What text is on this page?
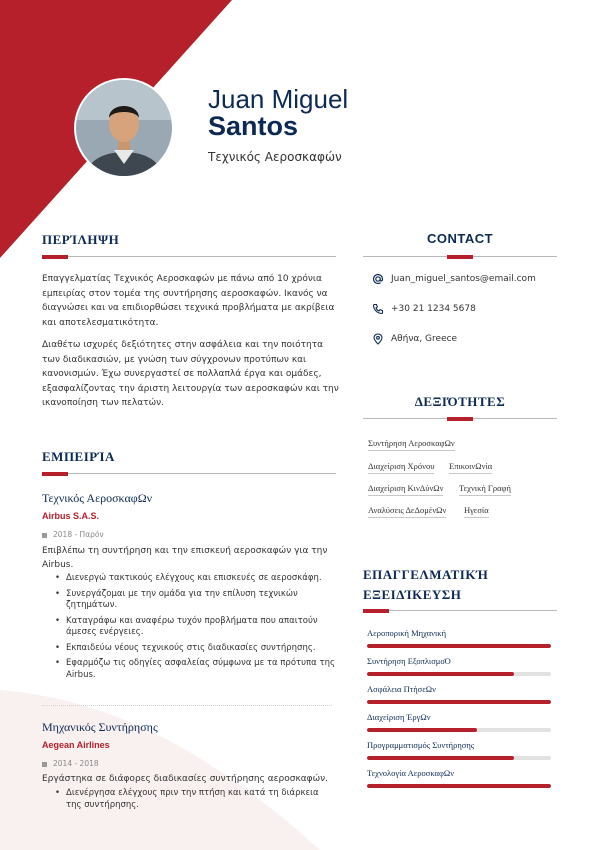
Juan Miguel
Santos
Τεχνικός Αεροσκαφών
ΠΕΡΊΛΗΨΗ
Επαγγελματίας Τεχνικός Αεροσκαφών με πάνω από 10 χρόνια εμπειρίας στον τομέα της συντήρησης αεροσκαφών. Ικανός να διαγνώσει και να επιδιορθώσει τεχνικά προβλήματα με ακρίβεια και αποτελεσματικότητα.
Διαθέτω ισχυρές δεξιότητες στην ασφάλεια και την ποιότητα των διαδικασιών, με γνώση των σύγχρονων προτύπων και κανονισμών. Έχω συνεργαστεί σε πολλαπλά έργα και ομάδες, εξασφαλίζοντας την άριστη λειτουργία των αεροσκαφών και την ικανοποίηση των πελατών.
ΕΜΠΕΙΡΊΑ
Τεχνικός ΑεροσκαφΩν
Airbus S.A.S.
2018 - Παρόν
Επιβλέπω τη συντήρηση και την επισκευή αεροσκαφών για την Airbus.
• Διενεργώ τακτικούς ελέγχους και επισκευές σε αεροσκάφη.
• Συνεργάζομαι με την ομάδα για την επίλυση τεχνικών ζητημάτων.
• Καταγράφω και αναφέρω τυχόν προβλήματα που απαιτούν άμεσες ενέργειες.
• Εκπαιδεύω νέους τεχνικούς στις διαδικασίες συντήρησης.
• Εφαρμόζω τις οδηγίες ασφαλείας σύμφωνα με τα πρότυπα της Airbus.
Μηχανικός Συντήρησης
Aegean Airlines
2014 - 2018
Εργάστηκα σε διάφορες διαδικασίες συντήρησης αεροσκαφών.
• Διενέργησα ελέγχους πριν την πτήση και κατά τη διάρκεια της συντήρησης.
CONTACT
Juan_miguel_santos@email.com
+30 21 1234 5678
Αθήνα, Greece
ΔΕΞΙΌΤΗΤΕΣ
Συντήρηση ΑεροσκαφΩν
Διαχείριση Χρόνου ΕπικοινΩνία
Διαχείριση ΚινΔύνΩν Τεχνική Γραφή
Αναλύσεις ΔεΔομένΩν Ηγεσία
ΕΠΑΓΓΕΛΜΑΤΙΚΉ
ΕΞΕΙΔΊΚΕΥΣΗ
Αεροπορική Μηχανική
Συντήρηση ΕξοπλισμοΌ
Ασφάλεια ΠτήσεΩν
Διαχείριση ΈργΩν
Προγραμματισμός Συντήρησης
Τεχνολογία ΑεροσκαφΩν
